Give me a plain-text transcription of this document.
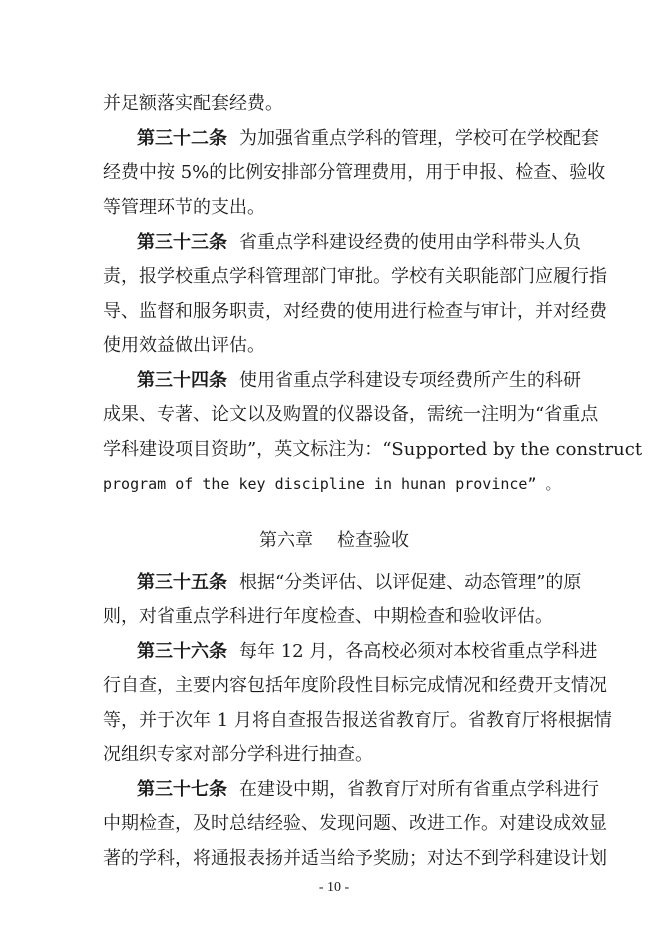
并足额落实配套经费。
第三十二条 为加强省重点学科的管理，学校可在学校配套
经费中按 5%的比例安排部分管理费用，用于申报、检查、验收
等管理环节的支出。
第三十三条 省重点学科建设经费的使用由学科带头人负
责，报学校重点学科管理部门审批。学校有关职能部门应履行指
导、监督和服务职责，对经费的使用进行检查与审计，并对经费
使用效益做出评估。
第三十四条 使用省重点学科建设专项经费所产生的科研
成果、专著、论文以及购置的仪器设备，需统一注明为“省重点
学科建设项目资助”，英文标注为：“Supported by the construct
program of the key discipline in hunan province” 。
第六章 检查验收
第三十五条 根据“分类评估、以评促建、动态管理”的原
则，对省重点学科进行年度检查、中期检查和验收评估。
第三十六条 每年 12 月，各高校必须对本校省重点学科进
行自查，主要内容包括年度阶段性目标完成情况和经费开支情况
等，并于次年 1 月将自查报告报送省教育厅。省教育厅将根据情
况组织专家对部分学科进行抽查。
第三十七条 在建设中期，省教育厅对所有省重点学科进行
中期检查，及时总结经验、发现问题、改进工作。对建设成效显
著的学科，将通报表扬并适当给予奖励；对达不到学科建设计划
- 10 -
